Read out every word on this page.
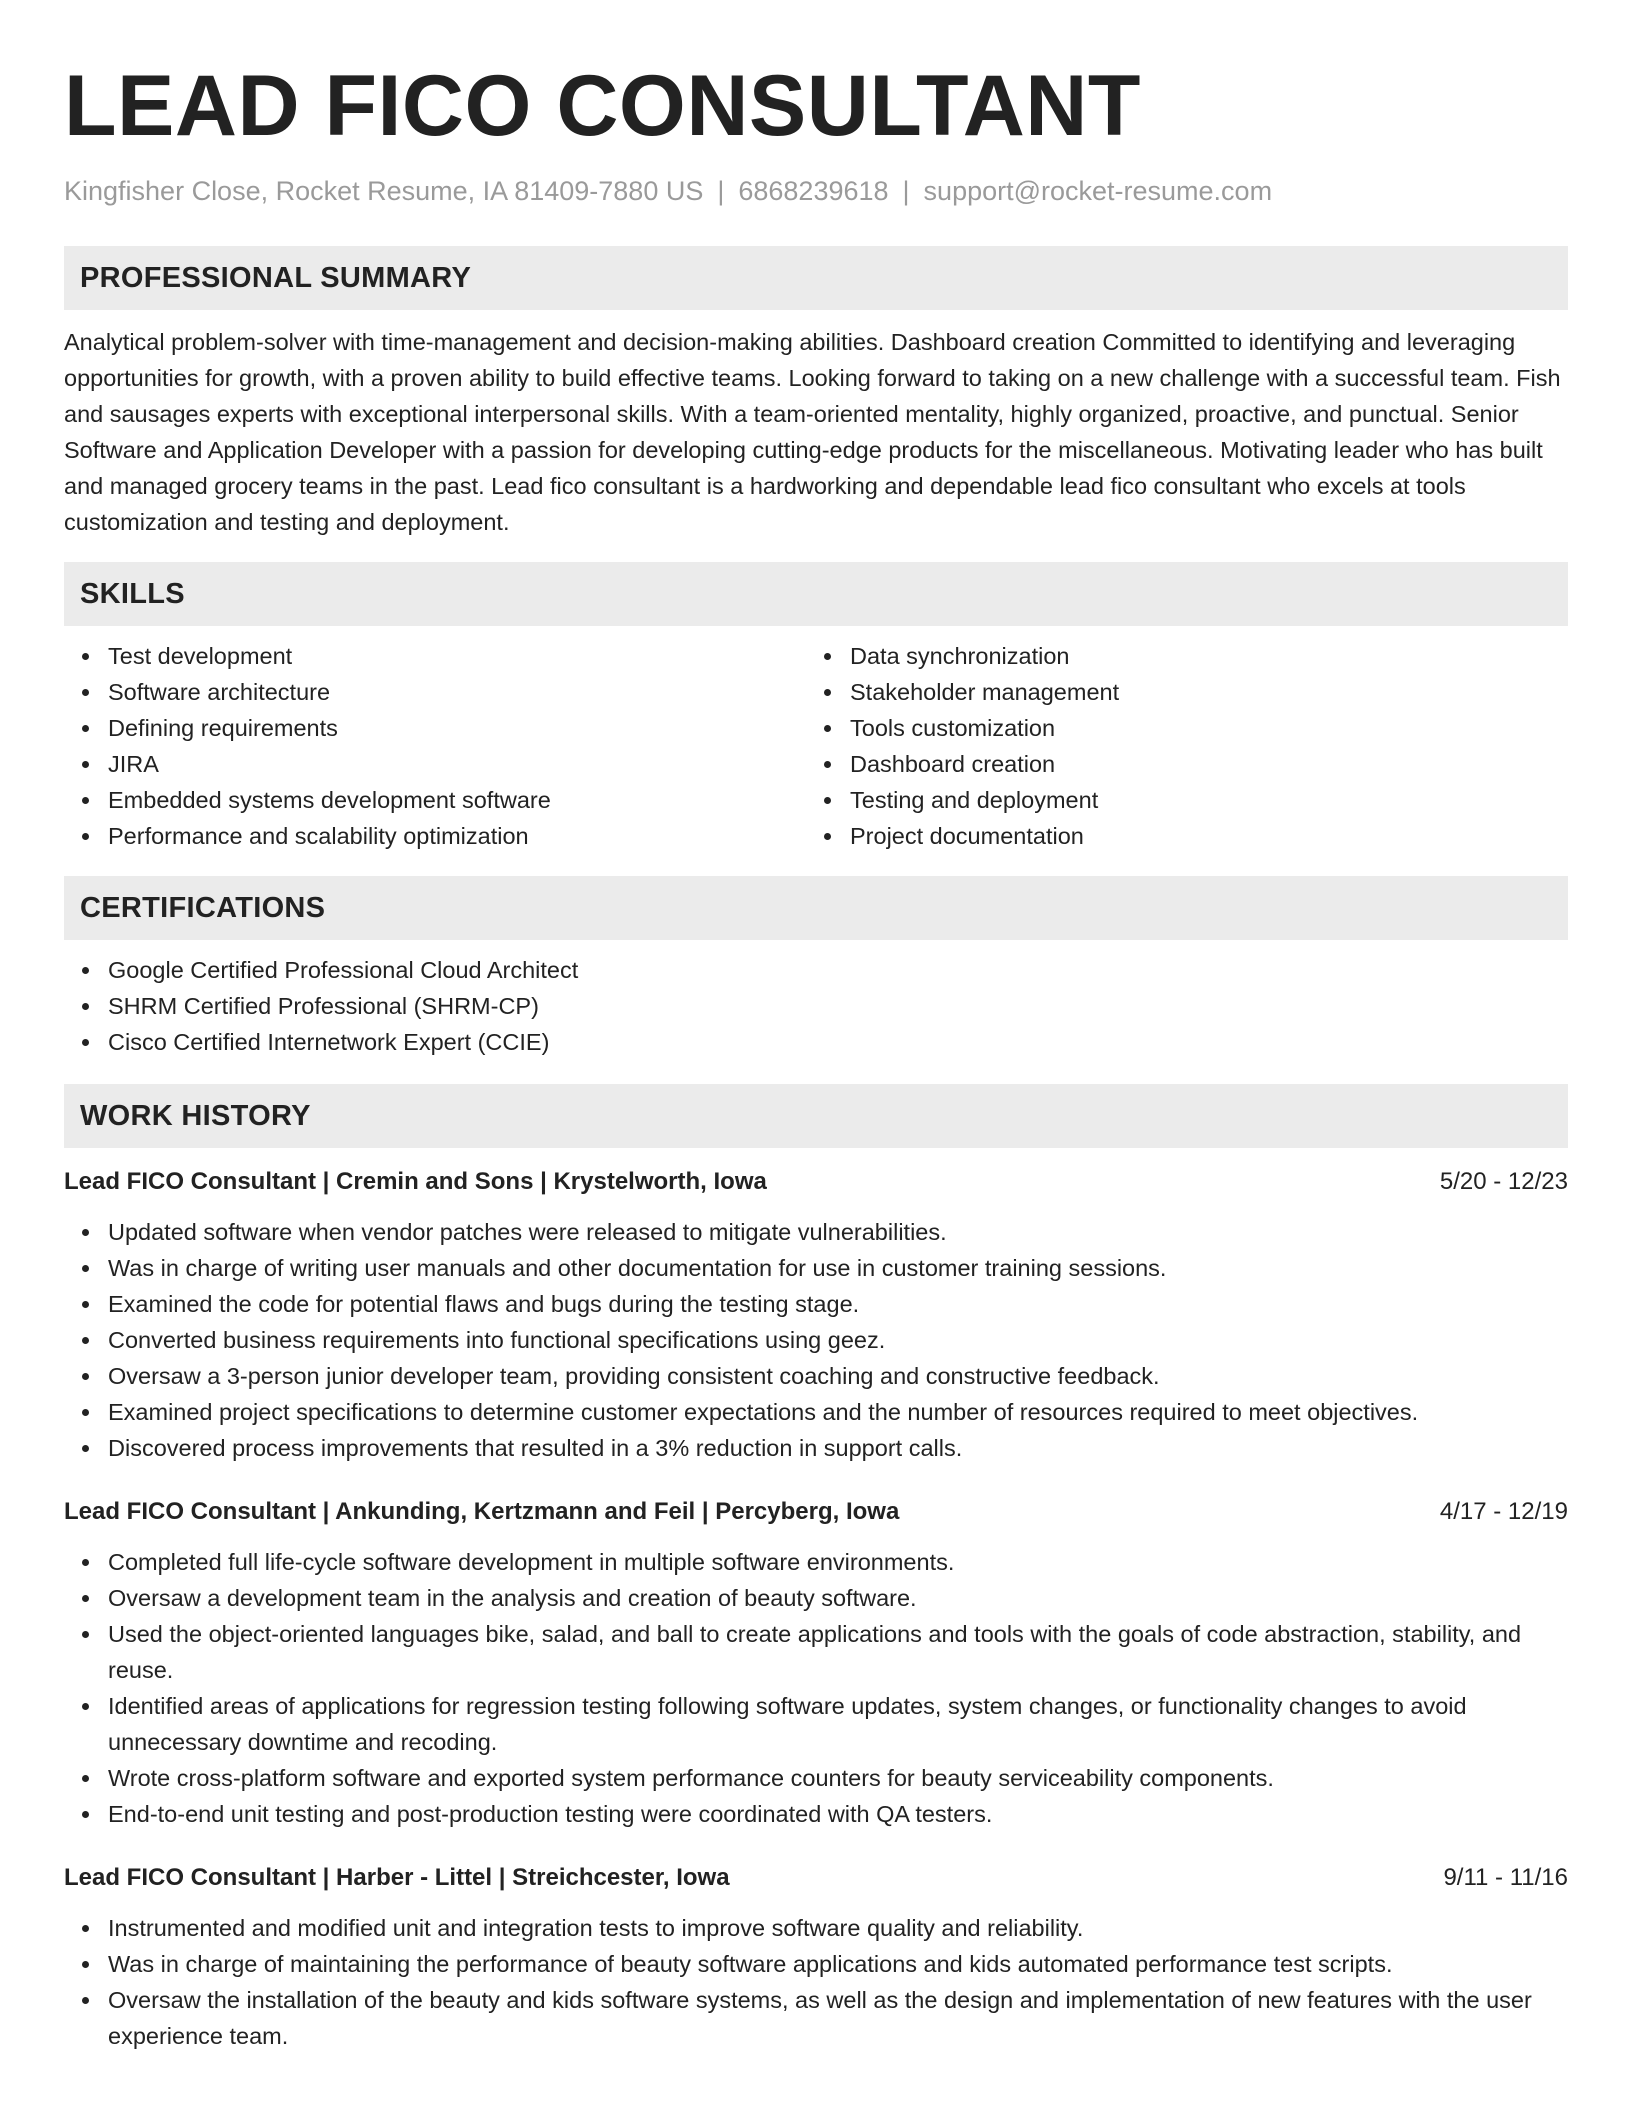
LEAD FICO CONSULTANT
Kingfisher Close, Rocket Resume, IA 81409-7880 US | 6868239618 | support@rocket-resume.com
PROFESSIONAL SUMMARY

Analytical problem-solver with time-management and decision-making abilities. Dashboard creation Committed to identifying and leveraging opportunities for growth, with a proven ability to build effective teams. Looking forward to taking on a new challenge with a successful team. Fish and sausages experts with exceptional interpersonal skills. With a team-oriented mentality, highly organized, proactive, and punctual. Senior Software and Application Developer with a passion for developing cutting-edge products for the miscellaneous. Motivating leader who has built and managed grocery teams in the past. Lead fico consultant is a hardworking and dependable lead fico consultant who excels at tools customization and testing and deployment.

SKILLS
Test development
Software architecture
Defining requirements
JIRA
Embedded systems development software
Performance and scalability optimization
Data synchronization
Stakeholder management
Tools customization
Dashboard creation
Testing and deployment
Project documentation
CERTIFICATIONS
Google Certified Professional Cloud Architect
SHRM Certified Professional (SHRM-CP)
Cisco Certified Internetwork Expert (CCIE)
WORK HISTORY
Lead FICO Consultant | Cremin and Sons | Krystelworth, Iowa	5/20 - 12/23
Updated software when vendor patches were released to mitigate vulnerabilities.
Was in charge of writing user manuals and other documentation for use in customer training sessions.
Examined the code for potential flaws and bugs during the testing stage.
Converted business requirements into functional specifications using geez.
Oversaw a 3-person junior developer team, providing consistent coaching and constructive feedback.
Examined project specifications to determine customer expectations and the number of resources required to meet objectives.
Discovered process improvements that resulted in a 3% reduction in support calls.
Lead FICO Consultant | Ankunding, Kertzmann and Feil | Percyberg, Iowa	4/17 - 12/19
Completed full life-cycle software development in multiple software environments.
Oversaw a development team in the analysis and creation of beauty software.
Used the object-oriented languages bike, salad, and ball to create applications and tools with the goals of code abstraction, stability, and reuse.
Identified areas of applications for regression testing following software updates, system changes, or functionality changes to avoid unnecessary downtime and recoding.
Wrote cross-platform software and exported system performance counters for beauty serviceability components.
End-to-end unit testing and post-production testing were coordinated with QA testers.
Lead FICO Consultant | Harber - Littel | Streichcester, Iowa	9/11 - 11/16
Instrumented and modified unit and integration tests to improve software quality and reliability.
Was in charge of maintaining the performance of beauty software applications and kids automated performance test scripts.
Oversaw the installation of the beauty and kids software systems, as well as the design and implementation of new features with the user experience team.
